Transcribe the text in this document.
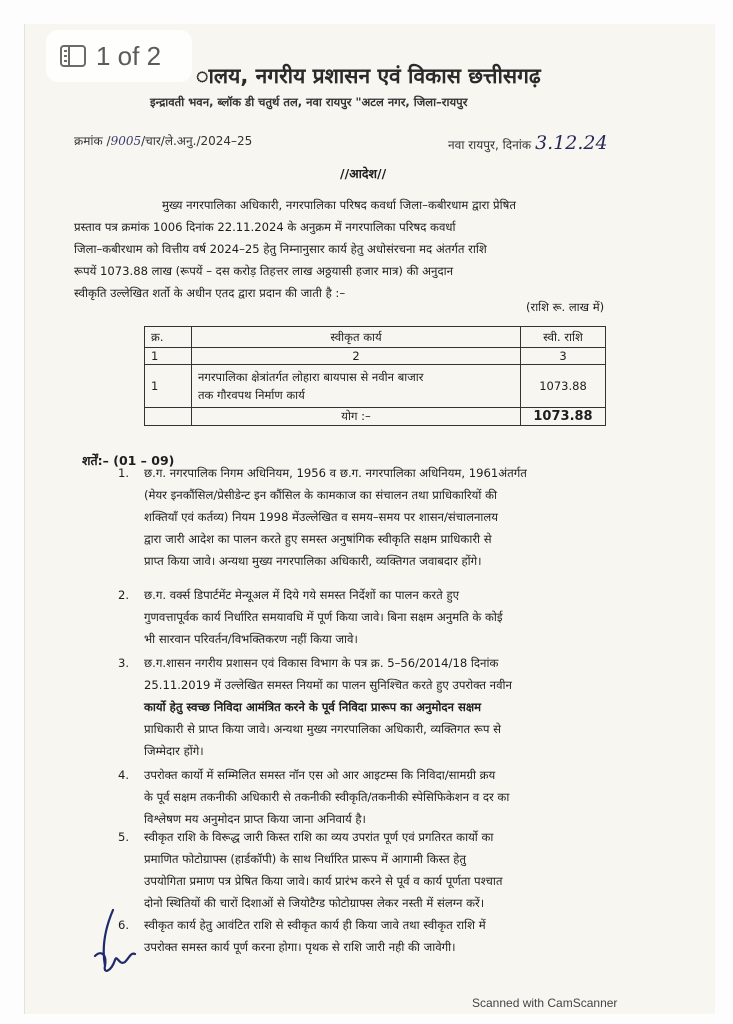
1 of 2
ालय, नगरीय प्रशासन एवं विकास छत्तीसगढ़
इन्द्रावती भवन, ब्लॉक डी चतुर्थ तल, नवा रायपुर "अटल नगर, जिला–रायपुर
क्रमांक /9005/चार/ले.अनु./2024–25	नवा रायपुर, दिनांक 3.12.24
//आदेश//

मुख्य नगरपालिका अधिकारी, नगरपालिका परिषद कवर्धा जिला–कबीरधाम द्वारा प्रेषित

प्रस्ताव पत्र क्रमांक 1006 दिनांक 22.11.2024 के अनुक्रम में नगरपालिका परिषद कवर्धा

जिला–कबीरधाम को वित्तीय वर्ष 2024–25 हेतु निम्नानुसार कार्य हेतु अधोसंरचना मद अंतर्गत राशि

रूपयें 1073.88 लाख (रूपयें – दस करोड़ तिहत्तर लाख अठ्ठयासी हजार मात्र) की अनुदान

स्वीकृति उल्लेखित शर्तो के अधीन एतद द्वारा प्रदान की जाती है :–

(राशि रू. लाख में)
क्र.	स्वीकृत कार्य	स्वी. राशि
1	2	3
1	नगरपालिका क्षेत्रांतर्गत लोहारा बायपास से नवीन बाजार
तक गौरवपथ निर्माण कार्य	1073.88
	योग :–	1073.88
शर्तें:– (01 – 09)
1. छ.ग. नगरपालिक निगम अधिनियम, 1956 व छ.ग. नगरपालिका अधिनियम, 1961अंतर्गत

(मेयर इनकौंसिल/प्रेसीडेन्ट इन कौंसिल के कामकाज का संचालन तथा प्राधिकारियों की

शक्तियॉं एवं कर्तव्य) नियम 1998 मेंउल्लेखित व समय–समय पर शासन/संचालनालय

द्वारा जारी आदेश का पालन करते हुए समस्त अनुषांगिक स्वीकृति सक्षम प्राधिकारी से

प्राप्त किया जावे। अन्यथा मुख्य नगरपालिका अधिकारी, व्यक्तिगत जवाबदार होंगे।

2. छ.ग. वर्क्स डिपार्टमेंट मेन्यूअल में दिये गये समस्त निर्देशों का पालन करते हुए

गुणवत्तापूर्वक कार्य निर्धारित समयावधि में पूर्ण किया जावे। बिना सक्षम अनुमति के कोई

भी सारवान परिवर्तन/विभक्तिकरण नहीं किया जावे।

3. छ.ग.शासन नगरीय प्रशासन एवं विकास विभाग के पत्र क्र. 5–56/2014/18 दिनांक

25.11.2019 में उल्लेखित समस्त नियमों का पालन सुनिश्चित करते हुए उपरोक्त नवीन

कार्यो हेतु स्वच्छ निविदा आमंत्रित करने के पूर्व निविदा प्रारूप का अनुमोदन सक्षम

प्राधिकारी से प्राप्त किया जावे। अन्यथा मुख्य नगरपालिका अधिकारी, व्यक्तिगत रूप से

जिम्मेदार होंगे।

4. उपरोक्त कार्यो में सम्मिलित समस्त नॉन एस ओ आर आइटम्स कि निविदा/सामग्री क्रय

के पूर्व सक्षम तकनीकी अधिकारी से तकनीकी स्वीकृति/तकनीकी स्पेसिफिकेशन व दर का

विश्लेषण मय अनुमोदन प्राप्त किया जाना अनिवार्य है।

5. स्वीकृत राशि के विरूद्ध जारी किस्त राशि का व्यय उपरांत पूर्ण एवं प्रगतिरत कार्यो का

प्रमाणित फोटोग्राफ्स (हार्डकॉपी) के साथ निर्धारित प्रारूप में आगामी किस्त हेतु

उपयोगिता प्रमाण पत्र प्रेषित किया जावे। कार्य प्रारंभ करने से पूर्व व कार्य पूर्णता पश्चात

दोनो स्थितियों की चारों दिशाओं से जियोटैग्ड फोटोग्राफ्स लेकर नस्ती में संलग्न करें।

6. स्वीकृत कार्य हेतु आवंटित राशि से स्वीकृत कार्य ही किया जावे तथा स्वीकृत राशि में

उपरोक्त समस्त कार्य पूर्ण करना होगा। पृथक से राशि जारी नही की जावेगी।

Scanned with CamScanner
